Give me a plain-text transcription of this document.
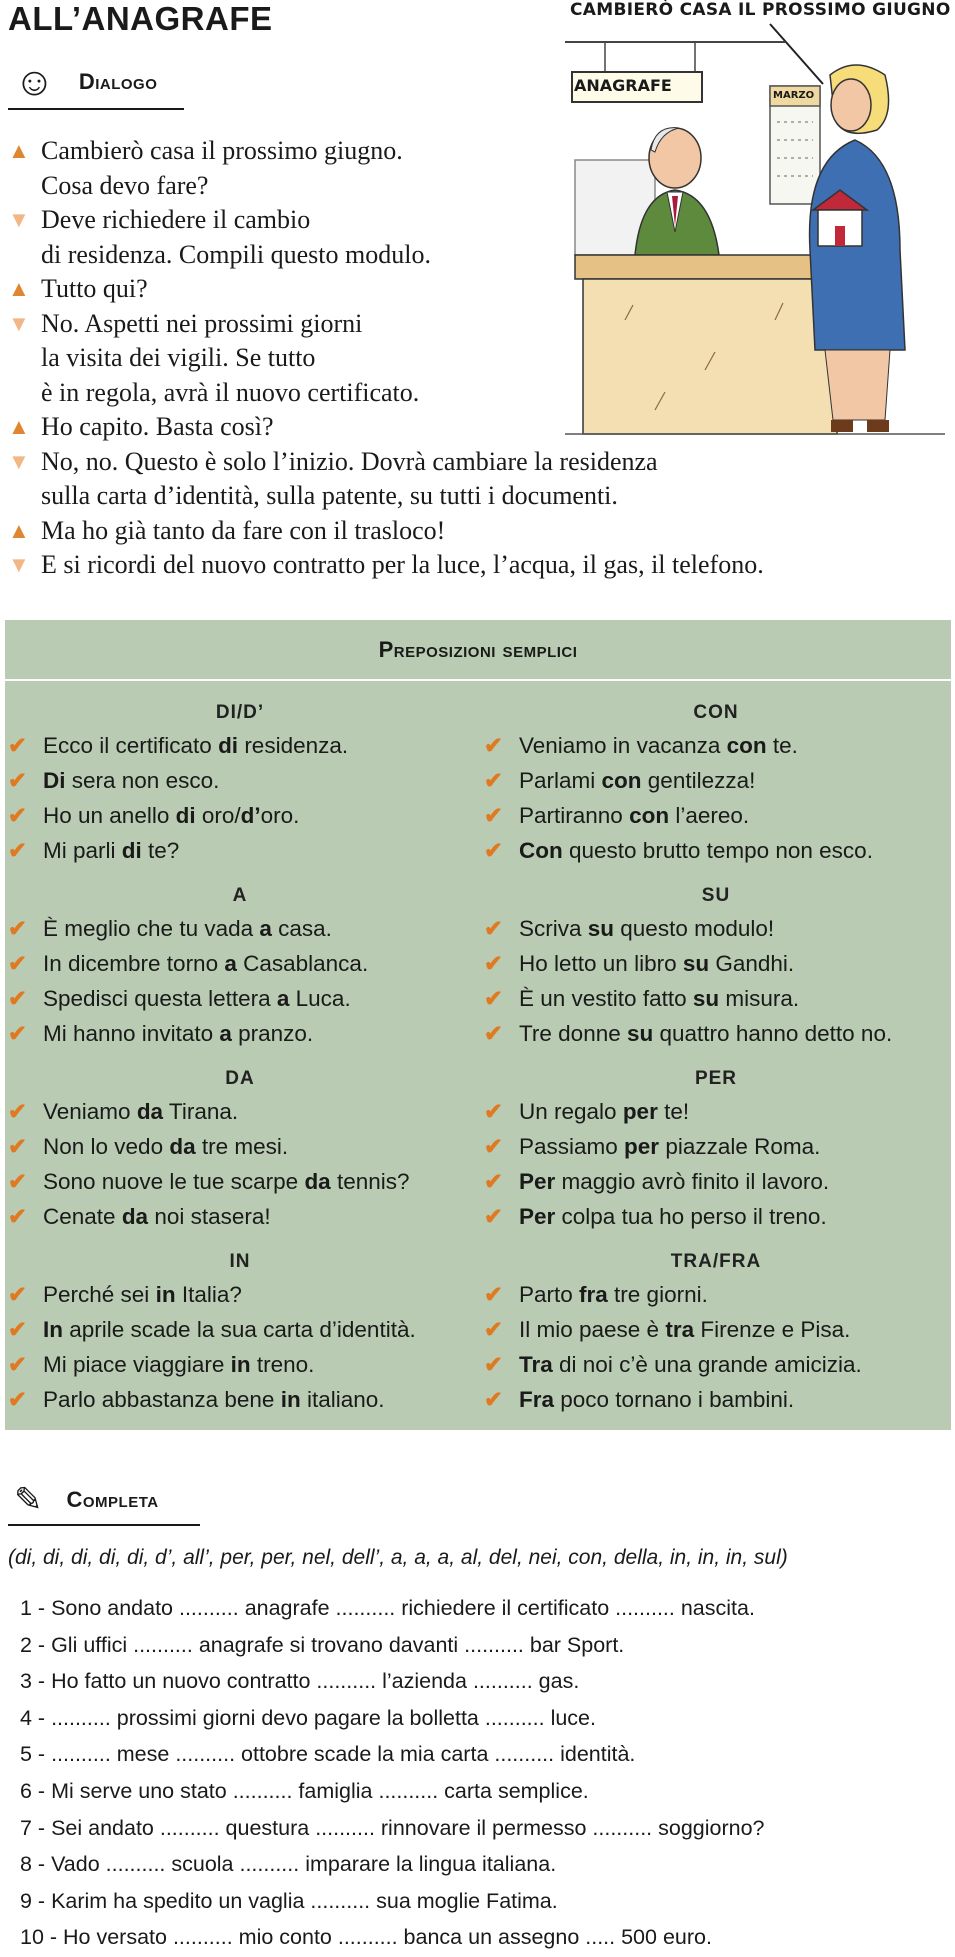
ALL’ANAGRAFE
☺ Dialogo
CAMBIERÒ CASA IL PROSSIMO GIUGNO
ANAGRAFE
MARZO
▲ Cambierò casa il prossimo giugno.
Cosa devo fare?
▼ Deve richiedere il cambio
di residenza. Compili questo modulo.
▲ Tutto qui?
▼ No. Aspetti nei prossimi giorni
la visita dei vigili. Se tutto
è in regola, avrà il nuovo certificato.
▲ Ho capito. Basta così?
▼ No, no. Questo è solo l’inizio. Dovrà cambiare la residenza
sulla carta d’identità, sulla patente, su tutti i documenti.
▲ Ma ho già tanto da fare con il trasloco!
▼ E si ricordi del nuovo contratto per la luce, l’acqua, il gas, il telefono.
Preposizioni semplici
DI/D’
✔ Ecco il certificato di residenza.
✔ Di sera non esco.
✔ Ho un anello di oro/d’oro.
✔ Mi parli di te?
A
✔ È meglio che tu vada a casa.
✔ In dicembre torno a Casablanca.
✔ Spedisci questa lettera a Luca.
✔ Mi hanno invitato a pranzo.
DA
✔ Veniamo da Tirana.
✔ Non lo vedo da tre mesi.
✔ Sono nuove le tue scarpe da tennis?
✔ Cenate da noi stasera!
IN
✔ Perché sei in Italia?
✔ In aprile scade la sua carta d’identità.
✔ Mi piace viaggiare in treno.
✔ Parlo abbastanza bene in italiano.
CON
✔ Veniamo in vacanza con te.
✔ Parlami con gentilezza!
✔ Partiranno con l’aereo.
✔ Con questo brutto tempo non esco.
SU
✔ Scriva su questo modulo!
✔ Ho letto un libro su Gandhi.
✔ È un vestito fatto su misura.
✔ Tre donne su quattro hanno detto no.
PER
✔ Un regalo per te!
✔ Passiamo per piazzale Roma.
✔ Per maggio avrò finito il lavoro.
✔ Per colpa tua ho perso il treno.
TRA/FRA
✔ Parto fra tre giorni.
✔ Il mio paese è tra Firenze e Pisa.
✔ Tra di noi c’è una grande amicizia.
✔ Fra poco tornano i bambini.
✎ Completa
(di, di, di, di, di, d’, all’, per, per, nel, dell’, a, a, a, al, del, nei, con, della, in, in, in, sul)
1 - Sono andato .......... anagrafe .......... richiedere il certificato .......... nascita.
2 - Gli uffici .......... anagrafe si trovano davanti .......... bar Sport.
3 - Ho fatto un nuovo contratto .......... l’azienda .......... gas.
4 - .......... prossimi giorni devo pagare la bolletta .......... luce.
5 - .......... mese .......... ottobre scade la mia carta .......... identità.
6 - Mi serve uno stato .......... famiglia .......... carta semplice.
7 - Sei andato .......... questura .......... rinnovare il permesso .......... soggiorno?
8 - Vado .......... scuola .......... imparare la lingua italiana.
9 - Karim ha spedito un vaglia .......... sua moglie Fatima.
10 - Ho versato .......... mio conto .......... banca un assegno ..... 500 euro.
